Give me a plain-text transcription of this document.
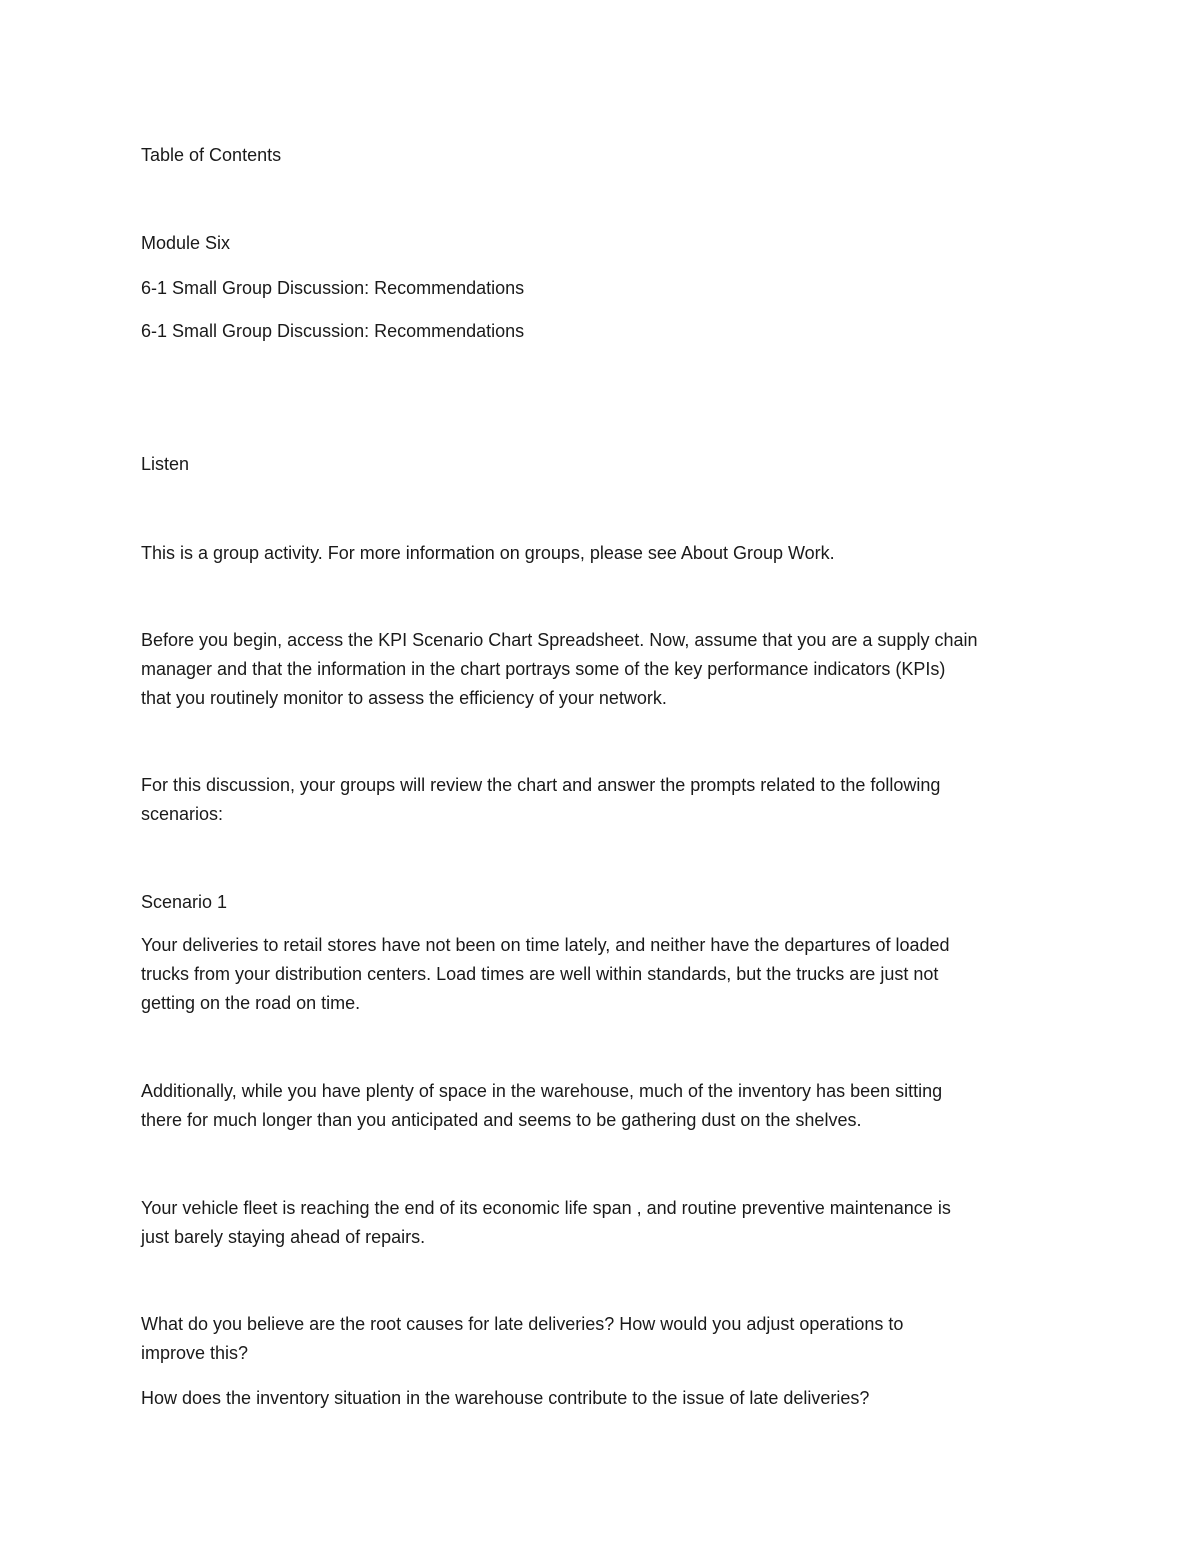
Table of Contents

Module Six

6-1 Small Group Discussion: Recommendations

6-1 Small Group Discussion: Recommendations

Listen

This is a group activity. For more information on groups, please see About Group Work.

Before you begin, access the KPI Scenario Chart Spreadsheet. Now, assume that you are a supply chain
manager and that the information in the chart portrays some of the key performance indicators (KPIs)
that you routinely monitor to assess the efficiency of your network.
For this discussion, your groups will review the chart and answer the prompts related to the following
scenarios:

Scenario 1

Your deliveries to retail stores have not been on time lately, and neither have the departures of loaded
trucks from your distribution centers. Load times are well within standards, but the trucks are just not
getting on the road on time.
Additionally, while you have plenty of space in the warehouse, much of the inventory has been sitting
there for much longer than you anticipated and seems to be gathering dust on the shelves.
Your vehicle fleet is reaching the end of its economic life span , and routine preventive maintenance is
just barely staying ahead of repairs.
What do you believe are the root causes for late deliveries? How would you adjust operations to
improve this?

How does the inventory situation in the warehouse contribute to the issue of late deliveries?
